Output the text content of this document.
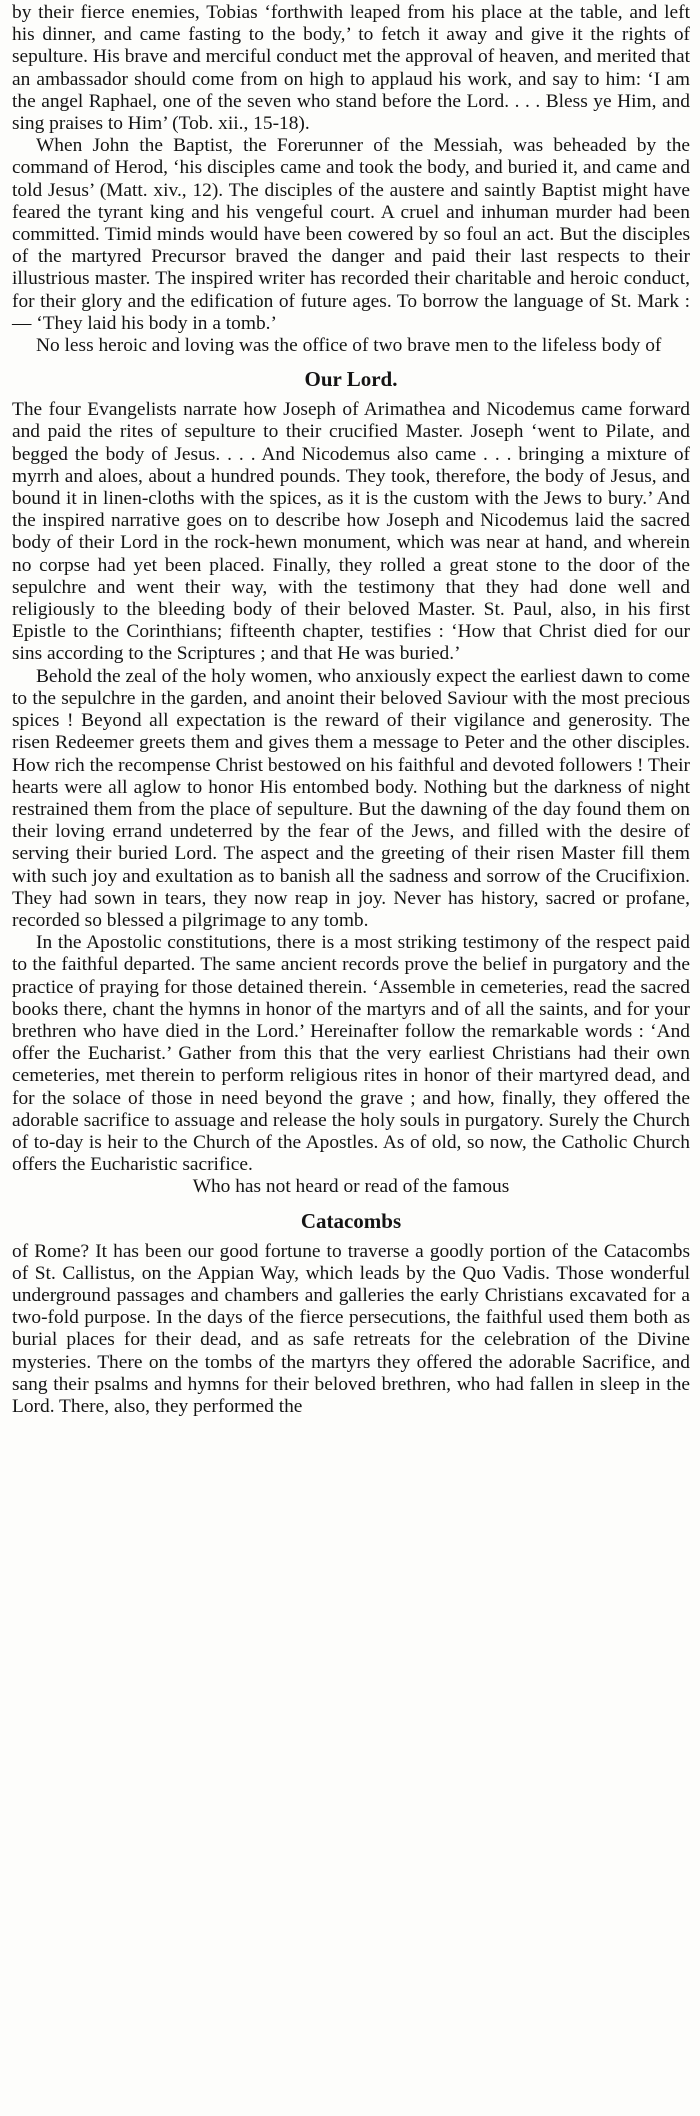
by their fierce enemies, Tobias ‘forthwith leaped from his place at the table, and left his dinner, and came fasting to the body,’ to fetch it away and give it the rights of sepulture. His brave and merciful conduct met the approval of heaven, and merited that an ambassador should come from on high to applaud his work, and say to him: ‘I am the angel Raphael, one of the seven who stand before the Lord. . . . Bless ye Him, and sing praises to Him’ (Tob. xii., 15-18).

When John the Baptist, the Forerunner of the Messiah, was beheaded by the command of Herod, ‘his disciples came and took the body, and buried it, and came and told Jesus’ (Matt. xiv., 12). The disciples of the austere and saintly Baptist might have feared the tyrant king and his vengeful court. A cruel and inhuman murder had been committed. Timid minds would have been cowered by so foul an act. But the disciples of the martyred Precursor braved the danger and paid their last respects to their illustrious master. The inspired writer has recorded their charitable and heroic conduct, for their glory and the edification of future ages. To borrow the language of St. Mark :— ‘They laid his body in a tomb.’

No less heroic and loving was the office of two brave men to the lifeless body of

Our Lord.

The four Evangelists narrate how Joseph of Arimathea and Nicodemus came forward and paid the rites of sepulture to their crucified Master. Joseph ‘went to Pilate, and begged the body of Jesus. . . . And Nicodemus also came . . . bringing a mixture of myrrh and aloes, about a hundred pounds. They took, therefore, the body of Jesus, and bound it in linen-cloths with the spices, as it is the custom with the Jews to bury.’ And the inspired narrative goes on to describe how Joseph and Nicodemus laid the sacred body of their Lord in the rock-hewn monument, which was near at hand, and wherein no corpse had yet been placed. Finally, they rolled a great stone to the door of the sepulchre and went their way, with the testimony that they had done well and religiously to the bleeding body of their beloved Master. St. Paul, also, in his first Epistle to the Corinthians; fifteenth chapter, testifies : ‘How that Christ died for our sins according to the Scriptures ; and that He was buried.’

Behold the zeal of the holy women, who anxiously expect the earliest dawn to come to the sepulchre in the garden, and anoint their beloved Saviour with the most precious spices ! Beyond all expectation is the reward of their vigilance and generosity. The risen Redeemer greets them and gives them a message to Peter and the other disciples. How rich the recompense Christ bestowed on his faithful and devoted followers ! Their hearts were all aglow to honor His entombed body. Nothing but the darkness of night restrained them from the place of sepulture. But the dawning of the day found them on their loving errand undeterred by the fear of the Jews, and filled with the desire of serving their buried Lord. The aspect and the greeting of their risen Master fill them with such joy and exultation as to banish all the sadness and sorrow of the Crucifixion. They had sown in tears, they now reap in joy. Never has history, sacred or profane, recorded so blessed a pilgrimage to any tomb.

In the Apostolic constitutions, there is a most striking testimony of the respect paid to the faithful departed. The same ancient records prove the belief in purgatory and the practice of praying for those detained therein. ‘Assemble in cemeteries, read the sacred books there, chant the hymns in honor of the martyrs and of all the saints, and for your brethren who have died in the Lord.’ Hereinafter follow the remarkable words : ‘And offer the Eucharist.’ Gather from this that the very earliest Christians had their own cemeteries, met therein to perform religious rites in honor of their martyred dead, and for the solace of those in need beyond the grave ; and how, finally, they offered the adorable sacrifice to assuage and release the holy souls in purgatory. Surely the Church of to-day is heir to the Church of the Apostles. As of old, so now, the Catholic Church offers the Eucharistic sacrifice.

Who has not heard or read of the famous

Catacombs

of Rome? It has been our good fortune to traverse a goodly portion of the Catacombs of St. Callistus, on the Appian Way, which leads by the Quo Vadis. Those wonderful underground passages and chambers and galleries the early Christians excavated for a two-fold purpose. In the days of the fierce persecutions, the faithful used them both as burial places for their dead, and as safe retreats for the celebration of the Divine mysteries. There on the tombs of the martyrs they offered the adorable Sacrifice, and sang their psalms and hymns for their beloved brethren, who had fallen in sleep in the Lord. There, also, they performed the
